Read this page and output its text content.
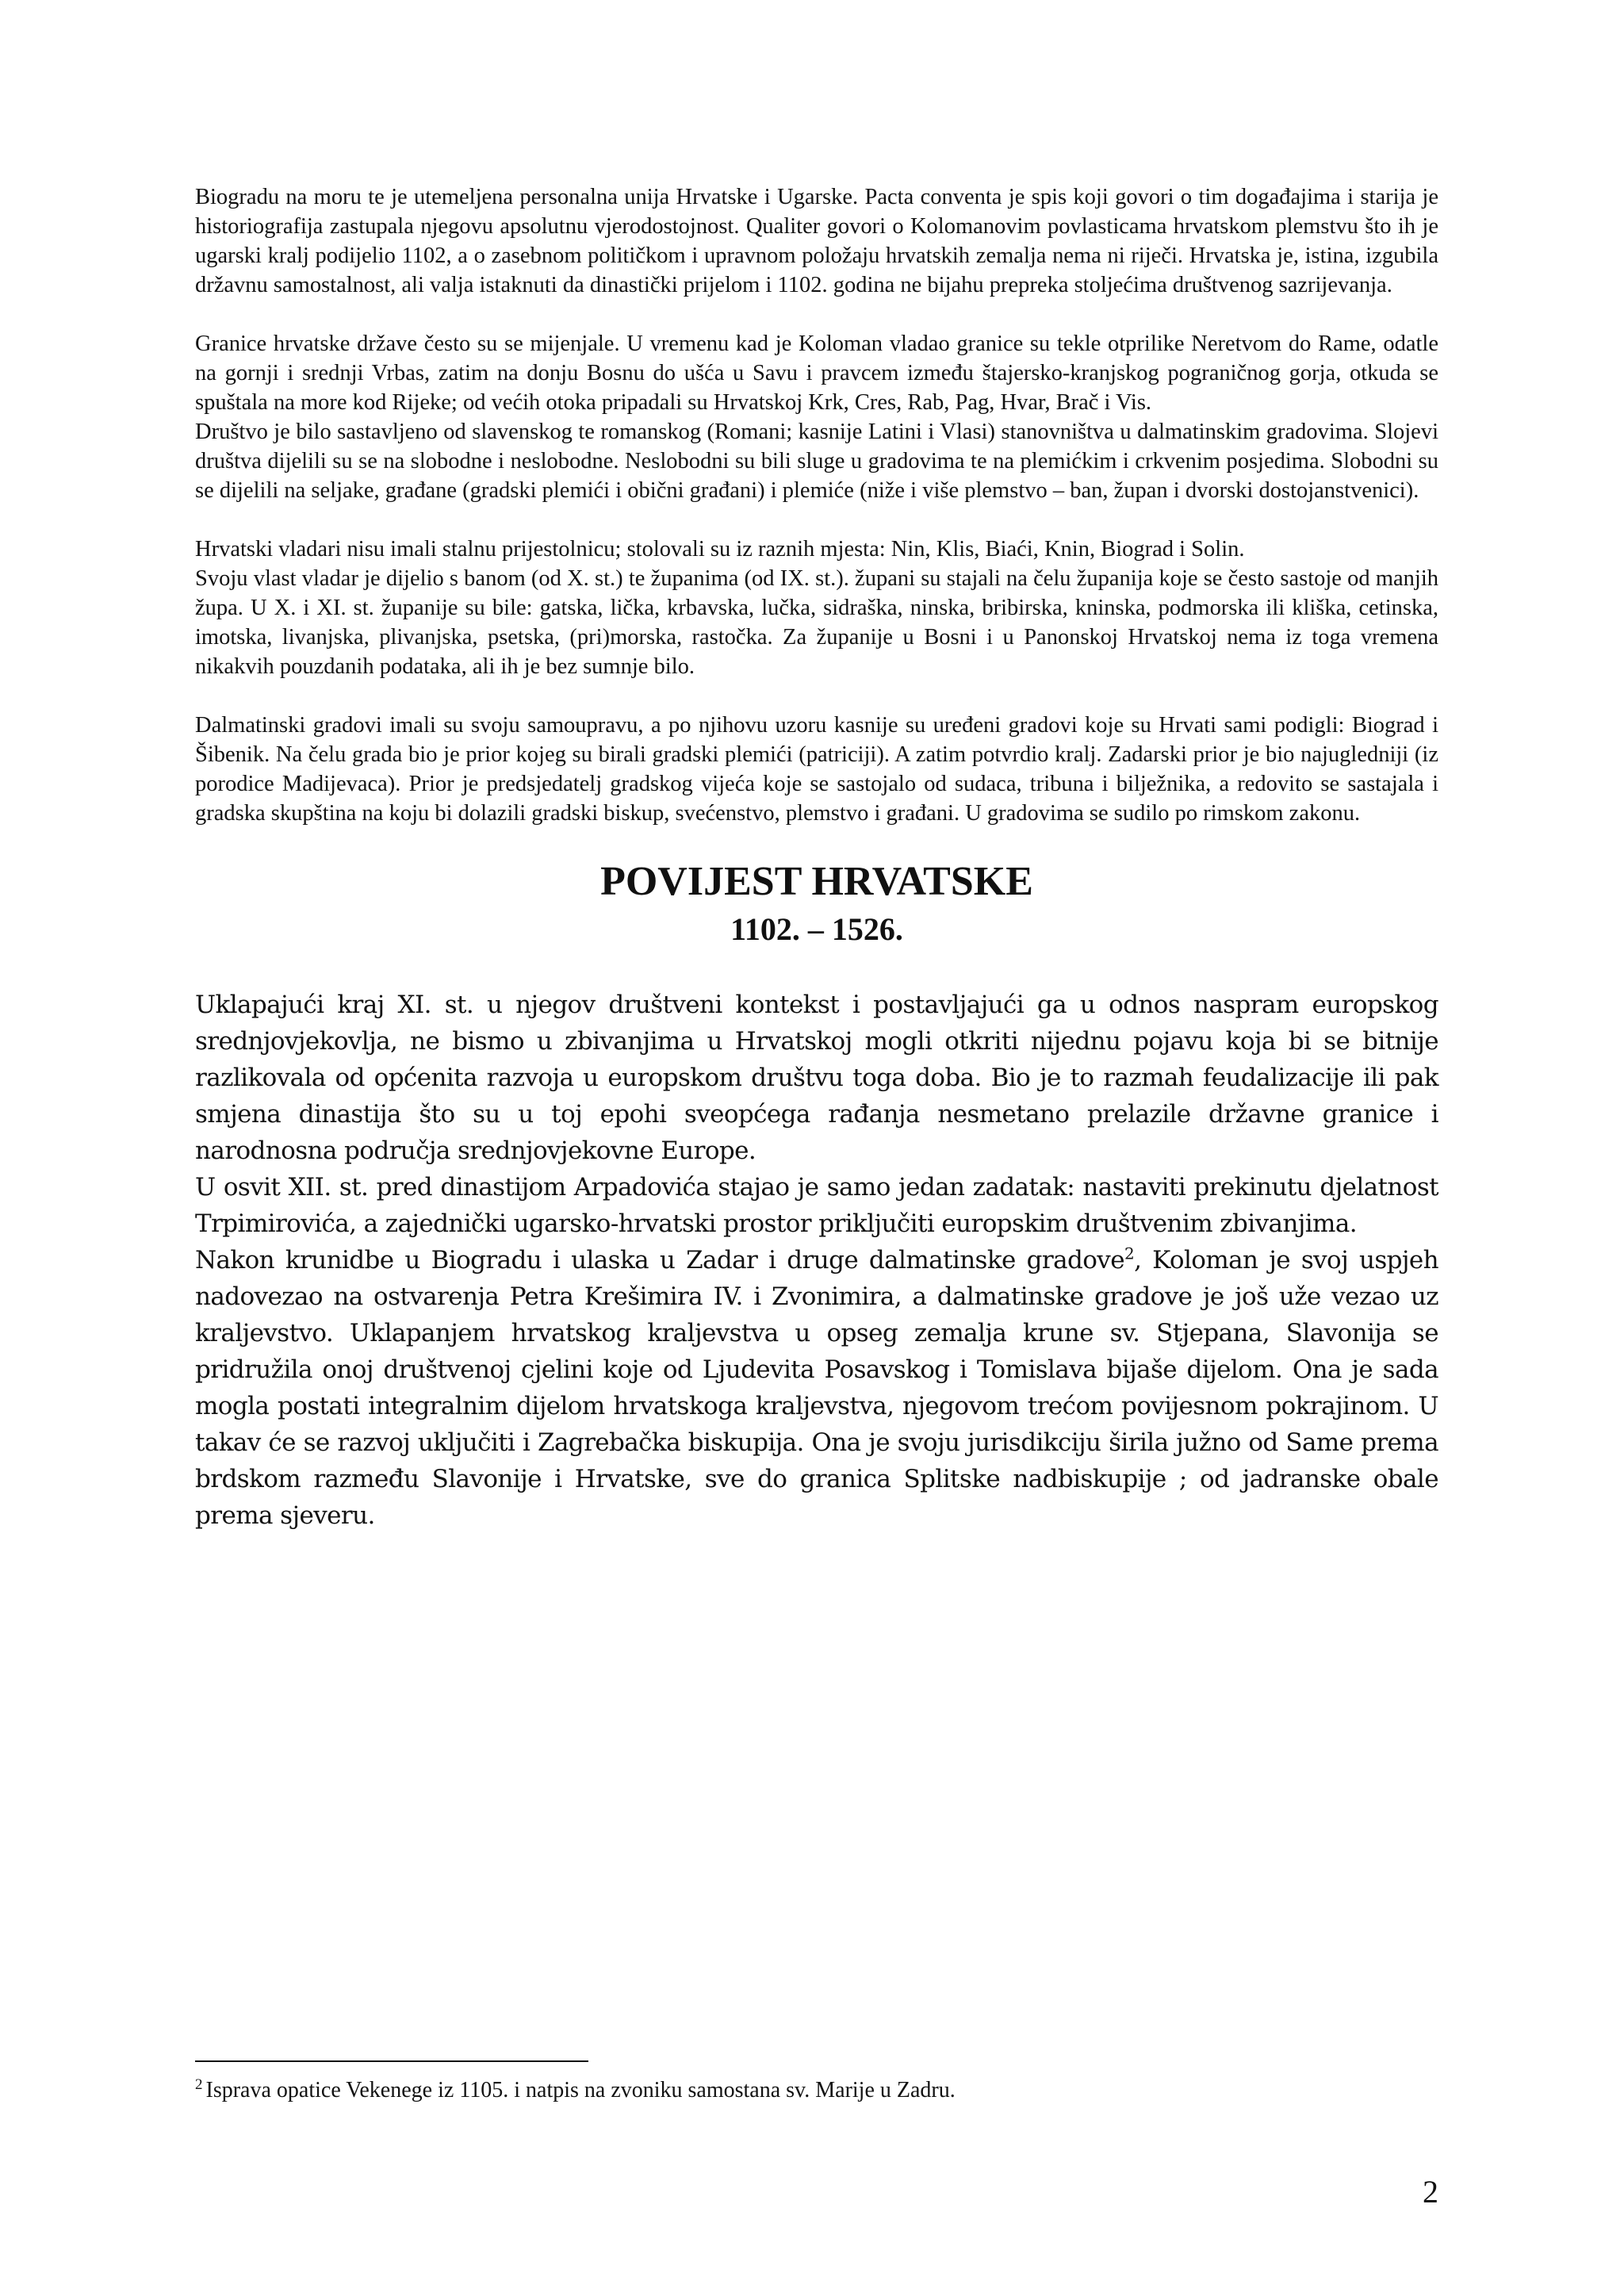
Biogradu na moru te je utemeljena personalna unija Hrvatske i Ugarske. Pacta conventa je spis koji govori o tim događajima i starija je historiografija zastupala njegovu apsolutnu vjerodostojnost. Qualiter govori o Kolomanovim povlasticama hrvatskom plemstvu što ih je ugarski kralj podijelio 1102, a o zasebnom političkom i upravnom položaju hrvatskih zemalja nema ni riječi. Hrvatska je, istina, izgubila državnu samostalnost, ali valja istaknuti da dinastički prijelom i 1102. godina ne bijahu prepreka stoljećima društvenog sazrijevanja.

Granice hrvatske države često su se mijenjale. U vremenu kad je Koloman vladao granice su tekle otprilike Neretvom do Rame, odatle na gornji i srednji Vrbas, zatim na donju Bosnu do ušća u Savu i pravcem između štajersko-kranjskog pograničnog gorja, otkuda se spuštala na more kod Rijeke; od većih otoka pripadali su Hrvatskoj Krk, Cres, Rab, Pag, Hvar, Brač i Vis.

Društvo je bilo sastavljeno od slavenskog te romanskog (Romani; kasnije Latini i Vlasi) stanovništva u dalmatinskim gradovima. Slojevi društva dijelili su se na slobodne i neslobodne. Neslobodni su bili sluge u gradovima te na plemićkim i crkvenim posjedima. Slobodni su se dijelili na seljake, građane (gradski plemići i obični građani) i plemiće (niže i više plemstvo – ban, župan i dvorski dostojanstvenici).

Hrvatski vladari nisu imali stalnu prijestolnicu; stolovali su iz raznih mjesta: Nin, Klis, Biaći, Knin, Biograd i Solin.

Svoju vlast vladar je dijelio s banom (od X. st.) te županima (od IX. st.). župani su stajali na čelu županija koje se često sastoje od manjih župa. U X. i XI. st. županije su bile: gatska, lička, krbavska, lučka, sidraška, ninska, bribirska, kninska, podmorska ili kliška, cetinska, imotska, livanjska, plivanjska, psetska, (pri)morska, rastočka. Za županije u Bosni i u Panonskoj Hrvatskoj nema iz toga vremena nikakvih pouzdanih podataka, ali ih je bez sumnje bilo.

Dalmatinski gradovi imali su svoju samoupravu, a po njihovu uzoru kasnije su uređeni gradovi koje su Hrvati sami podigli: Biograd i Šibenik. Na čelu grada bio je prior kojeg su birali gradski plemići (patriciji). A zatim potvrdio kralj. Zadarski prior je bio najugledniji (iz porodice Madijevaca). Prior je predsjedatelj gradskog vijeća koje se sastojalo od sudaca, tribuna i bilježnika, a redovito se sastajala i gradska skupština na koju bi dolazili gradski biskup, svećenstvo, plemstvo i građani. U gradovima se sudilo po rimskom zakonu.

POVIJEST HRVATSKE
1102. – 1526.

Uklapajući kraj XI. st. u njegov društveni kontekst i postavljajući ga u odnos naspram europskog srednjovjekovlja, ne bismo u zbivanjima u Hrvatskoj mogli otkriti nijednu pojavu koja bi se bitnije razlikovala od općenita razvoja u europskom društvu toga doba. Bio je to razmah feudalizacije ili pak smjena dinastija što su u toj epohi sveopćega rađanja nesmetano prelazile državne granice i narodnosna područja srednjovjekovne Europe.

U osvit XII. st. pred dinastijom Arpadovića stajao je samo jedan zadatak: nastaviti prekinutu djelatnost Trpimirovića, a zajednički ugarsko-hrvatski prostor priključiti europskim društvenim zbivanjima.

Nakon krunidbe u Biogradu i ulaska u Zadar i druge dalmatinske gradove$^2$, Koloman je svoj uspjeh nadovezao na ostvarenja Petra Krešimira IV. i Zvonimira, a dalmatinske gradove je još uže vezao uz kraljevstvo. Uklapanjem hrvatskog kraljevstva u opseg zemalja krune sv. Stjepana, Slavonija se pridružila onoj društvenoj cjelini koje od Ljudevita Posavskog i Tomislava bijaše dijelom. Ona je sada mogla postati integralnim dijelom hrvatskoga kraljevstva, njegovom trećom povijesnom pokrajinom. U takav će se razvoj uključiti i Zagrebačka biskupija. Ona je svoju jurisdikciju širila južno od Same prema brdskom razmeđu Slavonije i Hrvatske, sve do granica Splitske nadbiskupije ; od jadranske obale prema sjeveru.

$^2$ Isprava opatice Vekenege iz 1105. i natpis na zvoniku samostana sv. Marije u Zadru.
2
